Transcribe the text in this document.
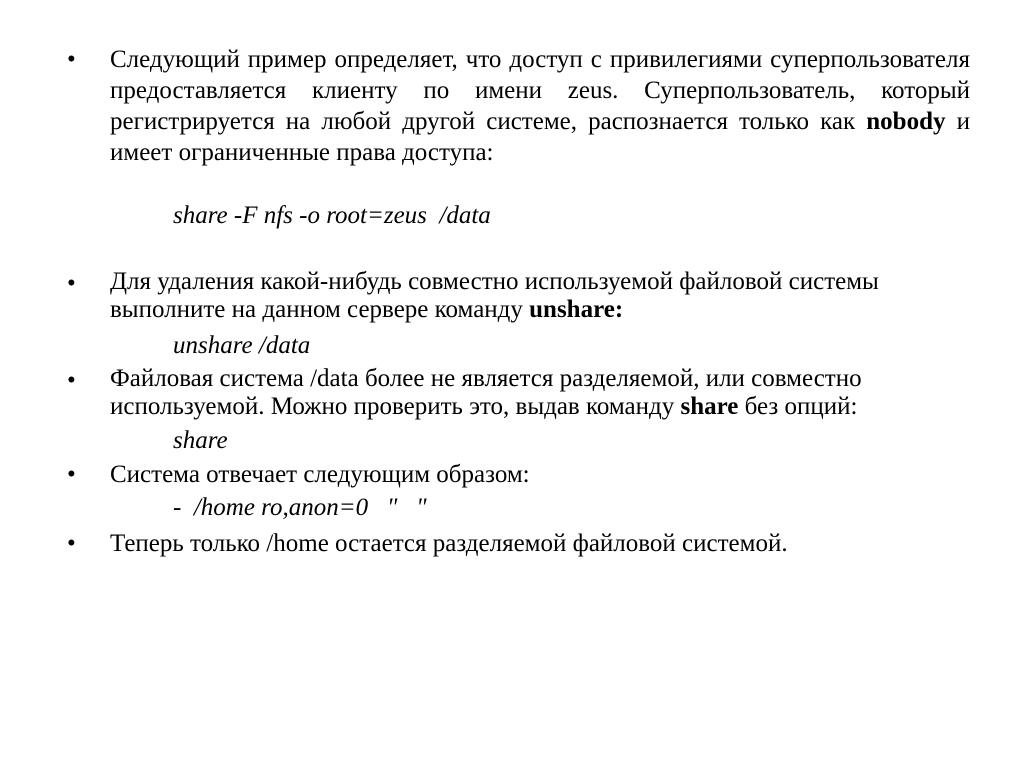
• Следующий пример определяет, что доступ с привилегиями суперпользователя предоставляется клиенту по имени zeus. Суперпользователь, который регистрируется на любой другой системе, распознается только как nobody и имеет ограниченные права доступа:
share -F nfs -o root=zeus  /data
• Для удаления какой-нибудь совместно используемой файловой системы выполните на данном сервере команду unshare:
unshare /data
• Файловая система /data более не является разделяемой, или совместно используемой. Можно проверить это, выдав команду share без опций:
share
• Система отвечает следующим образом:
-  /home ro,anon=0   "   "
• Теперь только /home остается разделяемой файловой системой.
